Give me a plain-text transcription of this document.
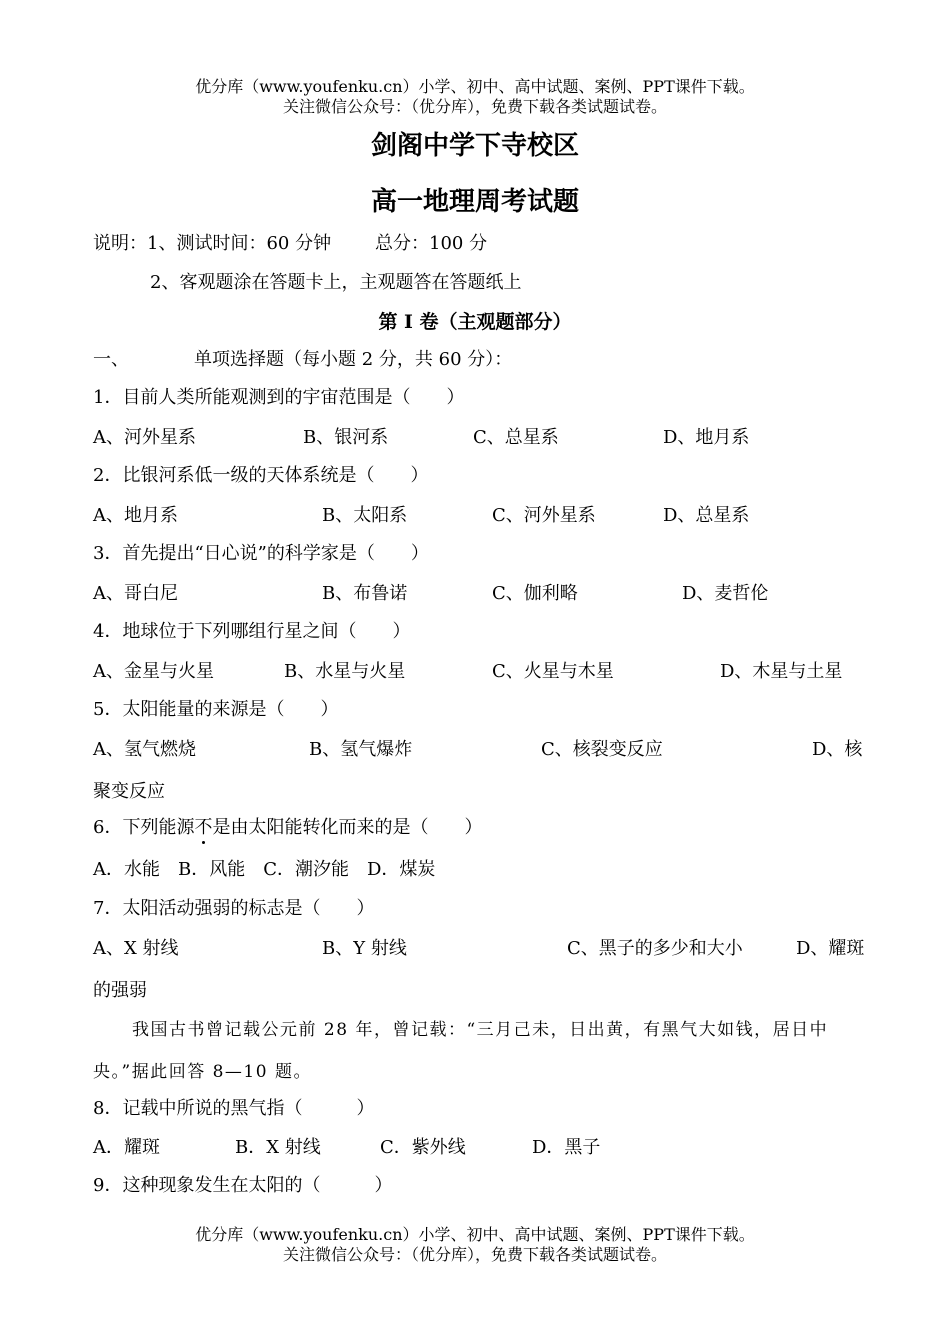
优分库（www.youfenku.cn）小学、初中、高中试题、案例、PPT课件下载。
关注微信公众号：（优分库），免费下载各类试题试卷。
剑阁中学下寺校区
高一地理周考试题
说明：1、测试时间：60 分钟 总分：100 分
2、客观题涂在答题卡上，主观题答在答题纸上
第 I 卷（主观题部分）
一、	单项选择题（每小题 2 分，共 60 分）：
1．目前人类所能观测到的宇宙范围是（　　）
A、河外星系	B、银河系	C、总星系	D、地月系
2．比银河系低一级的天体系统是（　　）
A、地月系	B、太阳系	C、河外星系	D、总星系
3．首先提出“日心说”的科学家是（　　）
A、哥白尼	B、布鲁诺	C、伽利略	D、麦哲伦
4．地球位于下列哪组行星之间（　　）
A、金星与火星	B、水星与火星	C、火星与木星	D、木星与土星
5．太阳能量的来源是（　　）
A、氢气燃烧	B、氢气爆炸	C、核裂变反应	D、核
聚变反应
6．下列能源不是由太阳能转化而来的是（　　）
A．水能　B．风能　C．潮汐能　D．煤炭
7．太阳活动强弱的标志是（　　）
A、X 射线	B、Y 射线	C、黑子的多少和大小	D、耀斑
的强弱
我国古书曾记载公元前 28 年，曾记载：“三月己未，日出黄，有黑气大如钱，居日中
央。”据此回答 8—10 题。
8．记载中所说的黑气指（　　　）
A．耀斑	B．X 射线	C．紫外线	D．黑子
9．这种现象发生在太阳的（　　　）
优分库（www.youfenku.cn）小学、初中、高中试题、案例、PPT课件下载。
关注微信公众号：（优分库），免费下载各类试题试卷。
